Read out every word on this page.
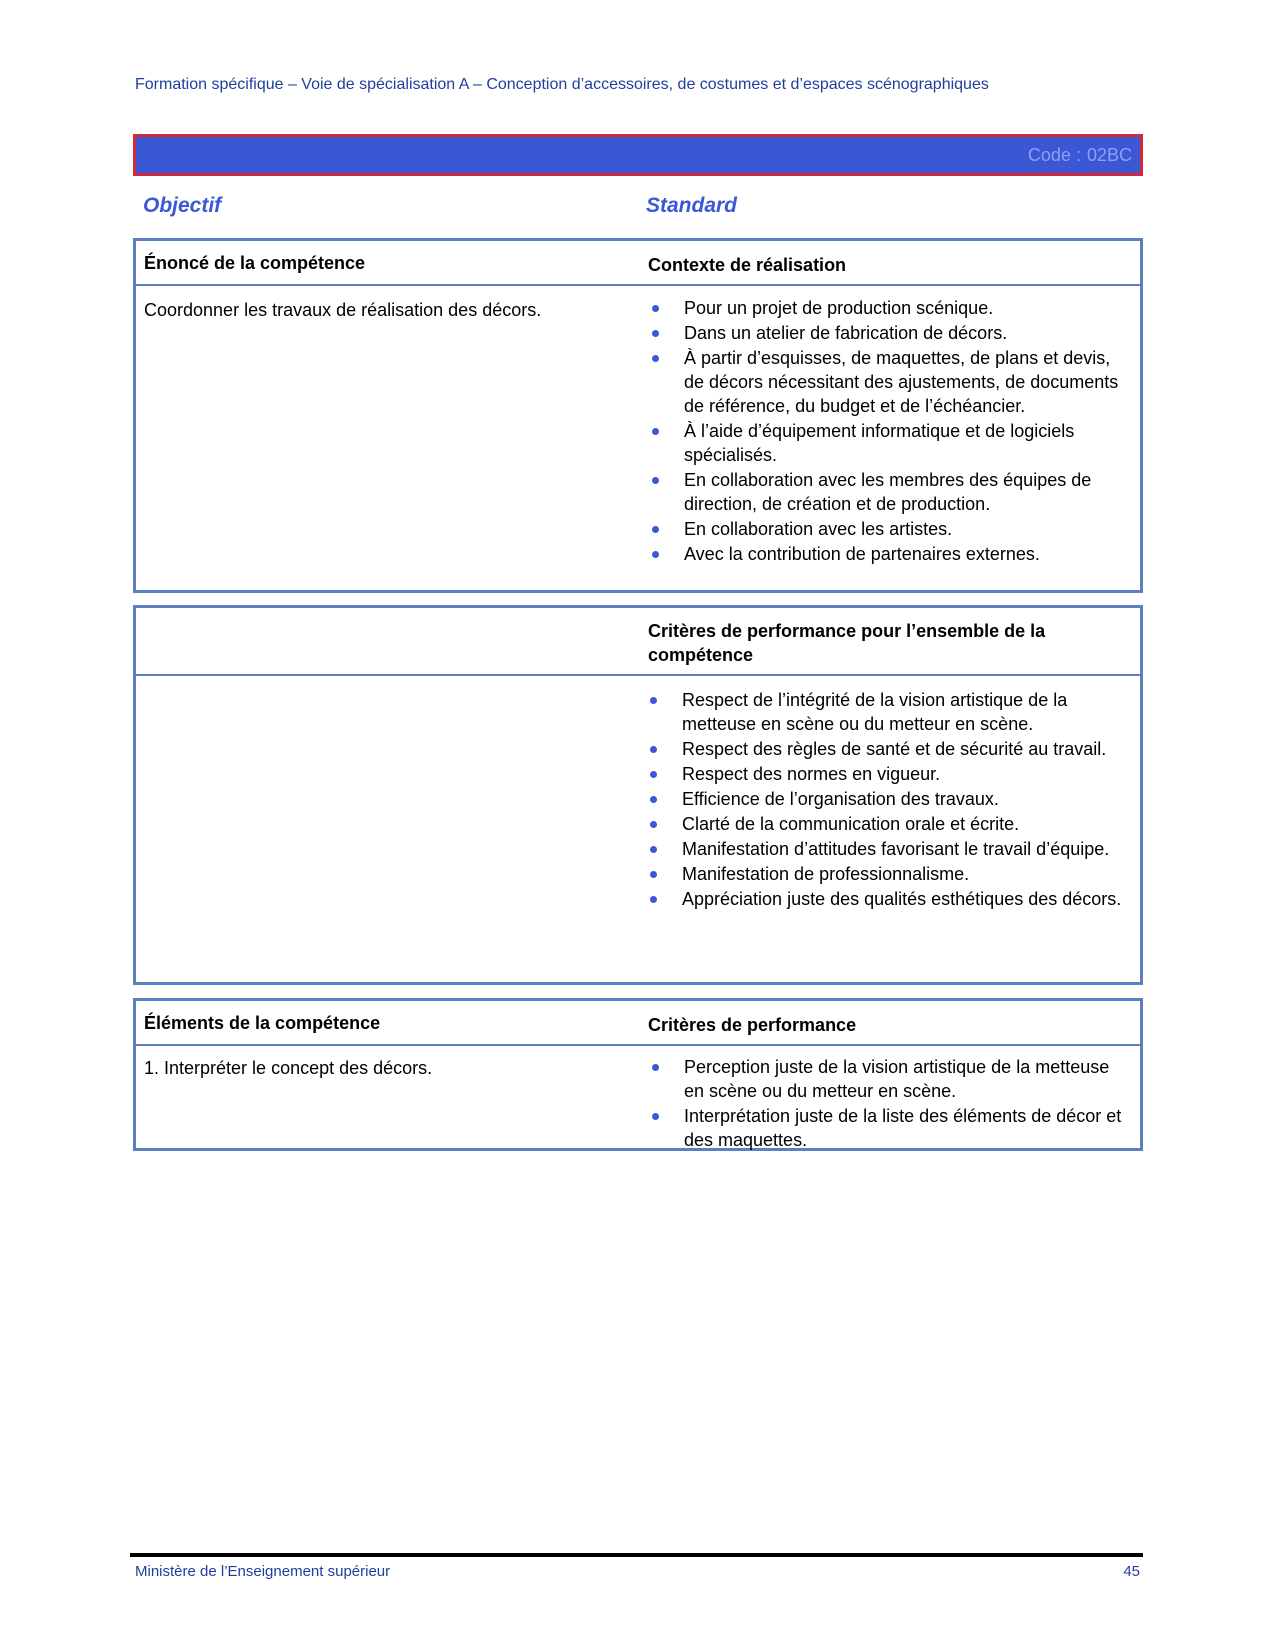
Formation spécifique – Voie de spécialisation A – Conception d’accessoires, de costumes et d’espaces scénographiques
Code : 02BC
Objectif	Standard
Énoncé de la compétence	Contexte de réalisation
Coordonner les travaux de réalisation des décors.	Pour un projet de production scénique.
Dans un atelier de fabrication de décors.
À partir d’esquisses, de maquettes, de plans et devis, de décors nécessitant des ajustements, de documents de référence, du budget et de l’échéancier.
À l’aide d’équipement informatique et de logiciels spécialisés.
En collaboration avec les membres des équipes de direction, de création et de production.
En collaboration avec les artistes.
Avec la contribution de partenaires externes.
Critères de performance pour l’ensemble de la compétence
Respect de l’intégrité de la vision artistique de la metteuse en scène ou du metteur en scène.
Respect des règles de santé et de sécurité au travail.
Respect des normes en vigueur.
Efficience de l’organisation des travaux.
Clarté de la communication orale et écrite.
Manifestation d’attitudes favorisant le travail d’équipe.
Manifestation de professionnalisme.
Appréciation juste des qualités esthétiques des décors.
Éléments de la compétence	Critères de performance
1. Interpréter le concept des décors.	Perception juste de la vision artistique de la metteuse en scène ou du metteur en scène.
Interprétation juste de la liste des éléments de décor et des maquettes.
Ministère de l’Enseignement supérieur	45
